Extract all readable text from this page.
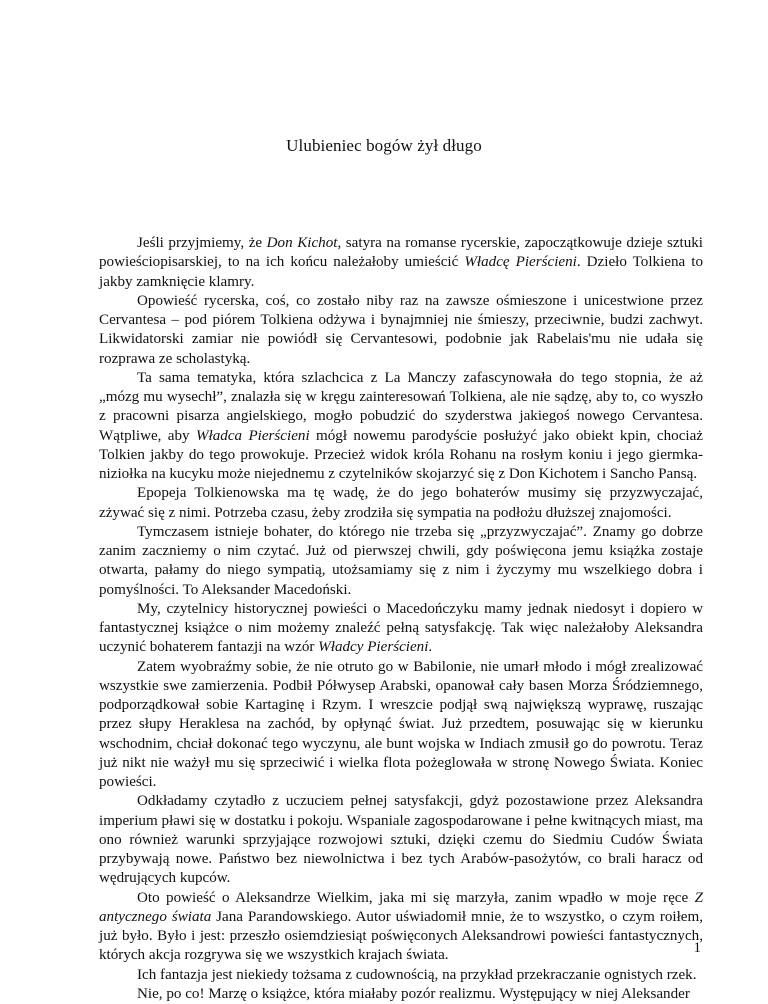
Ulubieniec bogów żył długo

Jeśli przyjmiemy, że Don Kichot, satyra na romanse rycerskie, zapoczątkowuje dzieje sztuki powieściopisarskiej, to na ich końcu należałoby umieścić Władcę Pierścieni. Dzieło Tolkiena to jakby zamknięcie klamry.

Opowieść rycerska, coś, co zostało niby raz na zawsze ośmieszone i unicestwione przez Cervantesa – pod piórem Tolkiena odżywa i bynajmniej nie śmieszy, przeciwnie, budzi zachwyt. Likwidatorski zamiar nie powiódł się Cervantesowi, podobnie jak Rabelais'mu nie udała się rozprawa ze scholastyką.

Ta sama tematyka, która szlachcica z La Manczy zafascynowała do tego stopnia, że aż „mózg mu wysechł”, znalazła się w kręgu zainteresowań Tolkiena, ale nie sądzę, aby to, co wyszło z pracowni pisarza angielskiego, mogło pobudzić do szyderstwa jakiegoś nowego Cervantesa. Wątpliwe, aby Władca Pierścieni mógł nowemu parodyście posłużyć jako obiekt kpin, chociaż Tolkien jakby do tego prowokuje. Przecież widok króla Rohanu na rosłym koniu i jego giermka-niziołka na kucyku może niejednemu z czytelników skojarzyć się z Don Kichotem i Sancho Pansą.

Epopeja Tolkienowska ma tę wadę, że do jego bohaterów musimy się przyzwyczajać, zżywać się z nimi. Potrzeba czasu, żeby zrodziła się sympatia na podłożu dłuższej znajomości.

Tymczasem istnieje bohater, do którego nie trzeba się „przyzwyczajać”. Znamy go dobrze zanim zaczniemy o nim czytać. Już od pierwszej chwili, gdy poświęcona jemu książka zostaje otwarta, pałamy do niego sympatią, utożsamiamy się z nim i życzymy mu wszelkiego dobra i pomyślności. To Aleksander Macedoński.

My, czytelnicy historycznej powieści o Macedończyku mamy jednak niedosyt i dopiero w fantastycznej książce o nim możemy znaleźć pełną satysfakcję. Tak więc należałoby Aleksandra uczynić bohaterem fantazji na wzór Władcy Pierścieni.

Zatem wyobraźmy sobie, że nie otruto go w Babilonie, nie umarł młodo i mógł zrealizować wszystkie swe zamierzenia. Podbił Półwysep Arabski, opanował cały basen Morza Śródziemnego, podporządkował sobie Kartaginę i Rzym. I wreszcie podjął swą największą wyprawę, ruszając przez słupy Heraklesa na zachód, by opłynąć świat. Już przedtem, posuwając się w kierunku wschodnim, chciał dokonać tego wyczynu, ale bunt wojska w Indiach zmusił go do powrotu. Teraz już nikt nie ważył mu się sprzeciwić i wielka flota pożeglowała w stronę Nowego Świata. Koniec powieści.

Odkładamy czytadło z uczuciem pełnej satysfakcji, gdyż pozostawione przez Aleksandra imperium pławi się w dostatku i pokoju. Wspaniale zagospodarowane i pełne kwitnących miast, ma ono również warunki sprzyjające rozwojowi sztuki, dzięki czemu do Siedmiu Cudów Świata przybywają nowe. Państwo bez niewolnictwa i bez tych Arabów-pasożytów, co brali haracz od wędrujących kupców.

Oto powieść o Aleksandrze Wielkim, jaka mi się marzyła, zanim wpadło w moje ręce Z antycznego świata Jana Parandowskiego. Autor uświadomił mnie, że to wszystko, o czym roiłem, już było. Było i jest: przeszło osiemdziesiąt poświęconych Aleksandrowi powieści fantastycznych, których akcja rozgrywa się we wszystkich krajach świata.

Ich fantazja jest niekiedy tożsama z cudownością, na przykład przekraczanie ognistych rzek.

Nie, po co! Marzę o książce, która miałaby pozór realizmu. Występujący w niej Aleksander

1
